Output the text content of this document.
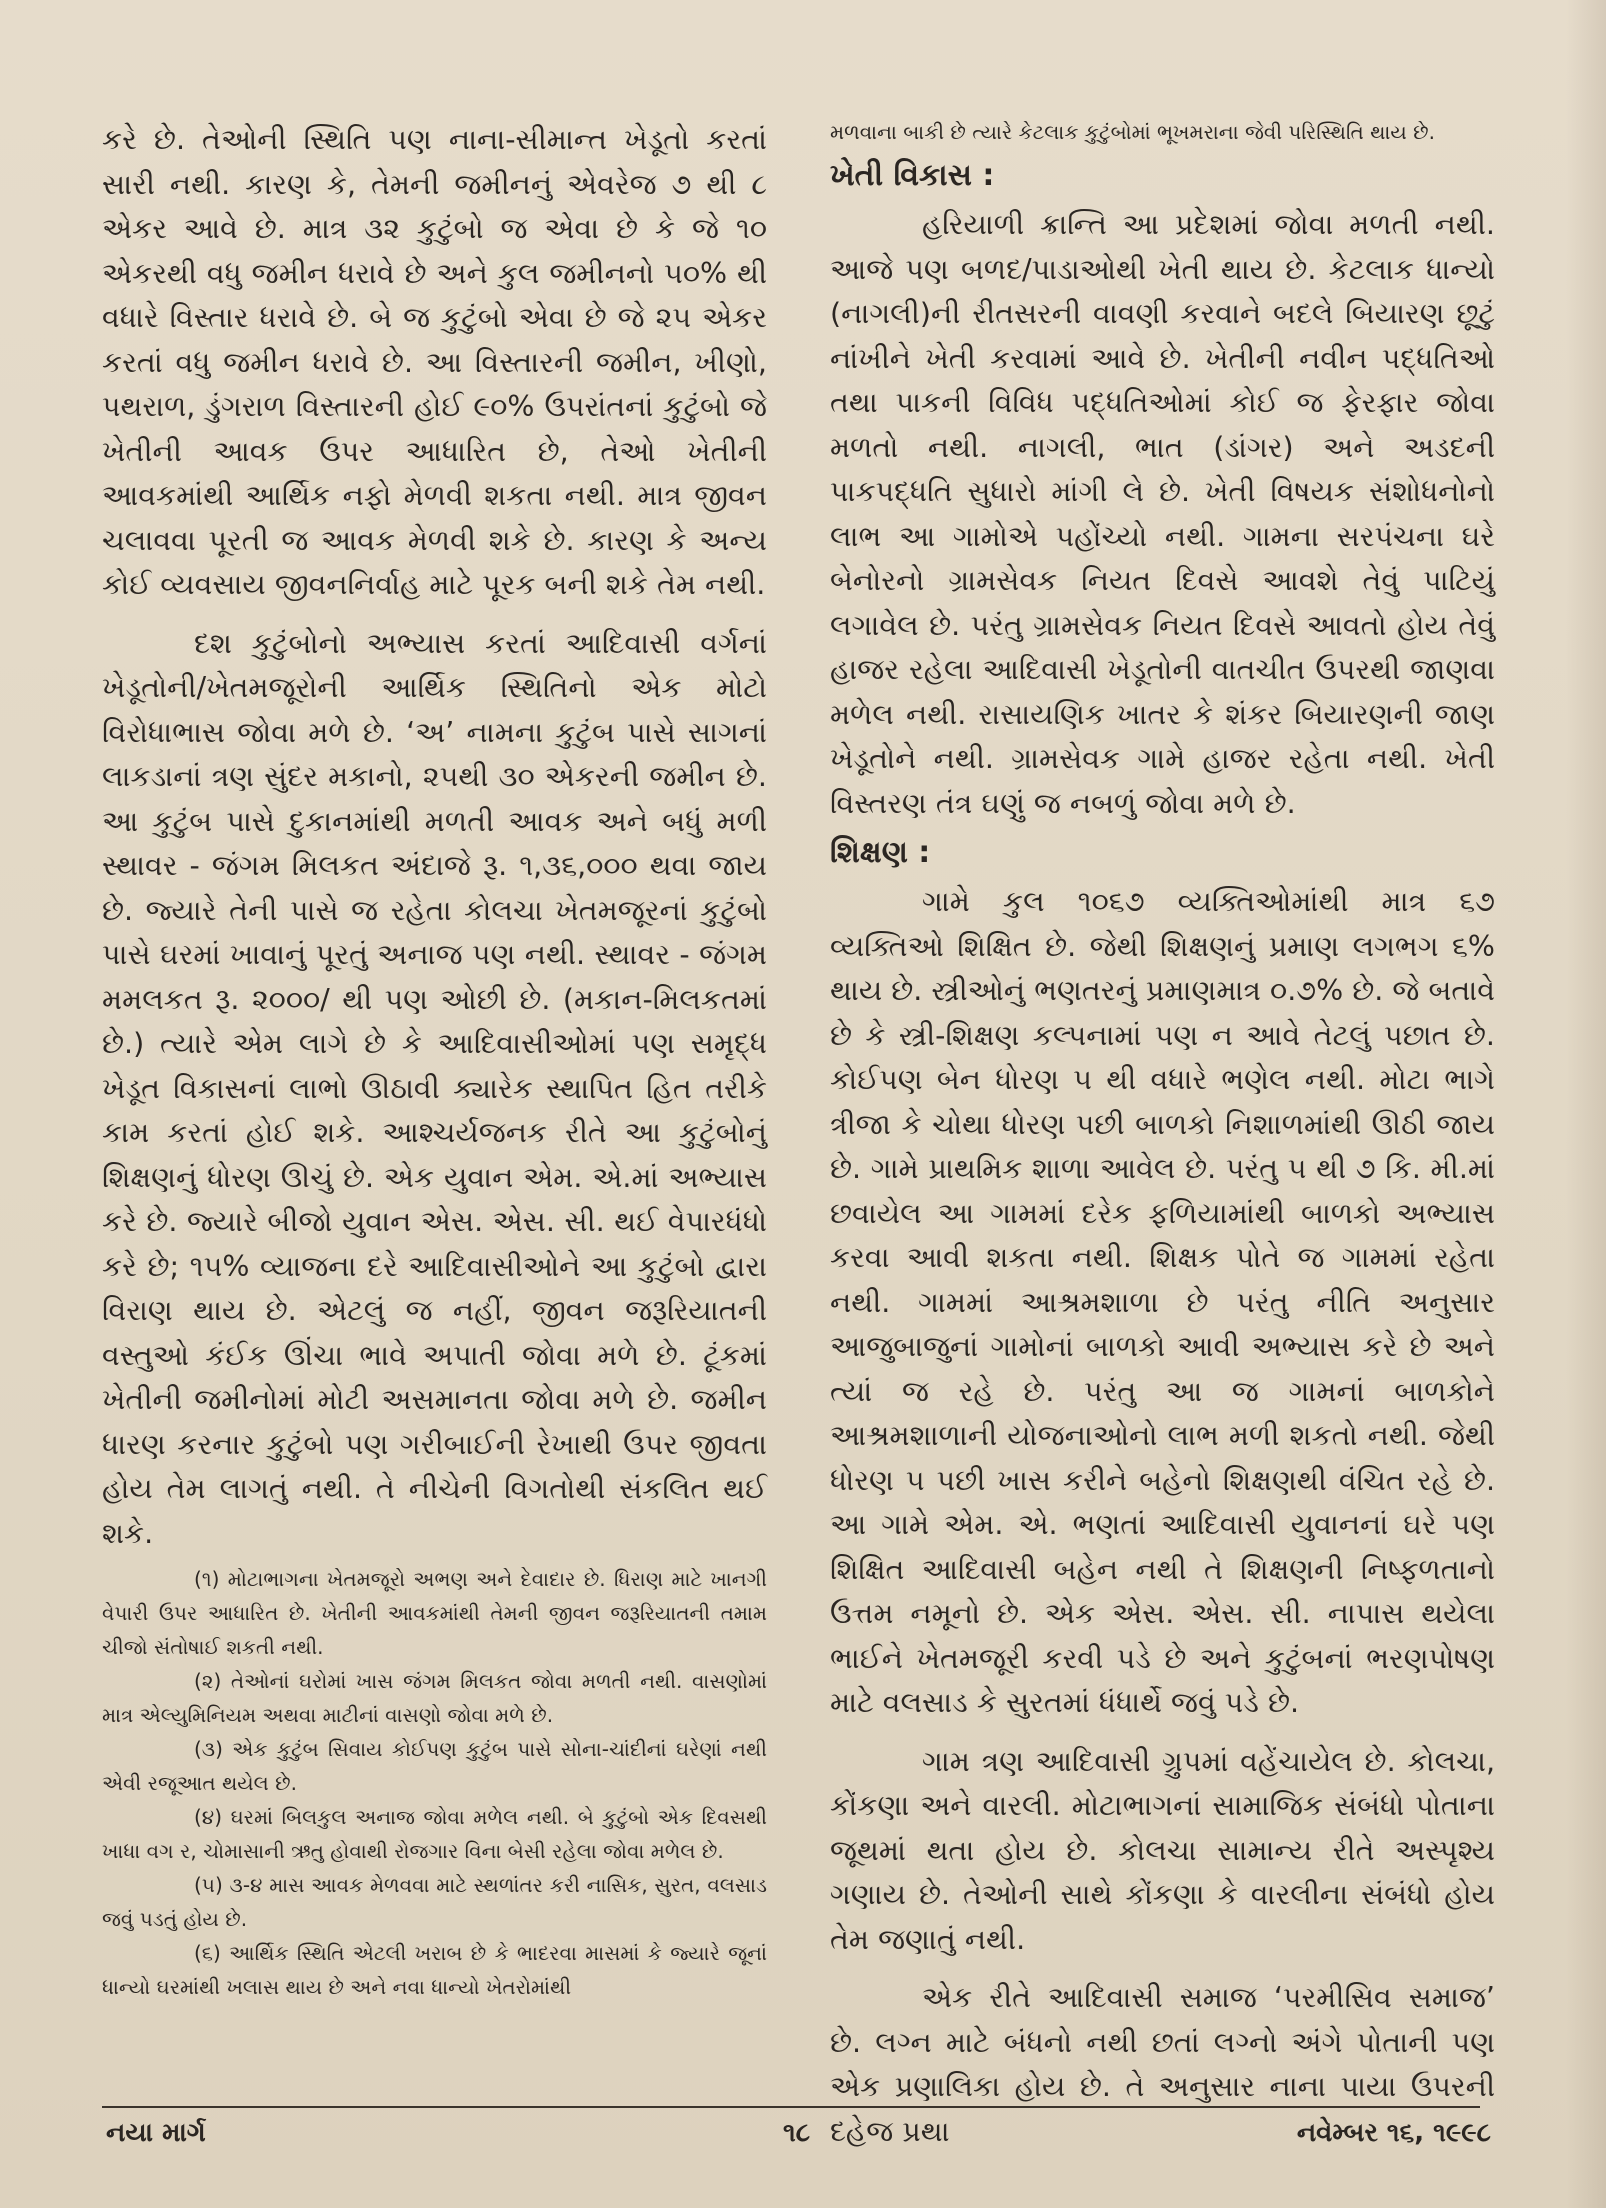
કરે છે. તેઓની સ્થિતિ પણ નાના-સીમાન્ત ખેડૂતો કરતાં સારી નથી. કારણ કે, તેમની જમીનનું એવરેજ ૭ થી ૮ એકર આવે છે. માત્ર ૩૨ કુટુંબો જ એવા છે કે જે ૧૦ એકરથી વધુ જમીન ધરાવે છે અને કુલ જમીનનો ૫૦% થી વધારે વિસ્તાર ધરાવે છે. બે જ કુટુંબો એવા છે જે ૨૫ એકર કરતાં વધુ જમીન ધરાવે છે. આ વિસ્તારની જમીન, ખીણો, પથરાળ, ડુંગરાળ વિસ્તારની હોઈ ૯૦% ઉપરાંતનાં કુટુંબો જે ખેતીની આવક ઉપર આધારિત છે, તેઓ ખેતીની આવકમાંથી આર્થિક નફો મેળવી શકતા નથી. માત્ર જીવન ચલાવવા પૂરતી જ આવક મેળવી શકે છે. કારણ કે અન્ય કોઈ વ્યવસાય જીવનનિર્વાહ માટે પૂરક બની શકે તેમ નથી.

દશ કુટુંબોનો અભ્યાસ કરતાં આદિવાસી વર્ગનાં ખેડૂતોની/ખેતમજૂરોની આર્થિક સ્થિતિનો એક મોટો વિરોધાભાસ જોવા મળે છે. ‘અ’ નામના કુટુંબ પાસે સાગનાં લાકડાનાં ત્રણ સુંદર મકાનો, ૨૫થી ૩૦ એકરની જમીન છે. આ કુટુંબ પાસે દુકાનમાંથી મળતી આવક અને બધું મળી સ્થાવર - જંગમ મિલકત અંદાજે રૂ. ૧,૩૬,૦૦૦ થવા જાય છે. જ્યારે તેની પાસે જ રહેતા કોલચા ખેતમજૂરનાં કુટુંબો પાસે ઘરમાં ખાવાનું પૂરતું અનાજ પણ નથી. સ્થાવર - જંગમ મમલકત રૂ. ૨૦૦૦/ થી પણ ઓછી છે. (મકાન-મિલકતમાં છે.) ત્યારે એમ લાગે છે કે આદિવાસીઓમાં પણ સમૃદ્ધ ખેડૂત વિકાસનાં લાભો ઊઠાવી ક્યારેક સ્થાપિત હિત તરીકે કામ કરતાં હોઈ શકે. આશ્ચર્યજનક રીતે આ કુટુંબોનું શિક્ષણનું ધોરણ ઊચું છે. એક યુવાન એમ. એ.માં અભ્યાસ કરે છે. જ્યારે બીજો યુવાન એસ. એસ. સી. થઈ વેપારધંધો કરે છે; ૧૫% વ્યાજના દરે આદિવાસીઓને આ કુટુંબો દ્વારા વિરાણ થાય છે. એટલું જ નહીં, જીવન જરૂરિયાતની વસ્તુઓ કંઈક ઊંચા ભાવે અપાતી જોવા મળે છે. ટૂંકમાં ખેતીની જમીનોમાં મોટી અસમાનતા જોવા મળે છે. જમીન ધારણ કરનાર કુટુંબો પણ ગરીબાઈની રેખાથી ઉપર જીવતા હોય તેમ લાગતું નથી. તે નીચેની વિગતોથી સંકલિત થઈ શકે.

(૧) મોટાભાગના ખેતમજૂરો અભણ અને દેવાદાર છે. ધિરાણ માટે ખાનગી વેપારી ઉપર આધારિત છે. ખેતીની આવકમાંથી તેમની જીવન જરૂરિયાતની તમામ ચીજો સંતોષાઈ શકતી નથી.

(૨) તેઓનાં ઘરોમાં ખાસ જંગમ મિલકત જોવા મળતી નથી. વાસણોમાં માત્ર એલ્યુમિનિયમ અથવા માટીનાં વાસણો જોવા મળે છે.

(૩) એક કુટુંબ સિવાય કોઈપણ કુટુંબ પાસે સોના-ચાંદીનાં ઘરેણાં નથી એવી રજૂઆત થયેલ છે.

(૪) ઘરમાં બિલકુલ અનાજ જોવા મળેલ નથી. બે કુટુંબો એક દિવસથી ખાધા વગ ર, ચોમાસાની ઋતુ હોવાથી રોજગાર વિના બેસી રહેલા જોવા મળેલ છે.

(૫) ૩-૪ માસ આવક મેળવવા માટે સ્થળાંતર કરી નાસિક, સુરત, વલસાડ જવું પડતું હોય છે.

(૬) આર્થિક સ્થિતિ એટલી ખરાબ છે કે ભાદરવા માસમાં કે જ્યારે જૂનાં ધાન્યો ઘરમાંથી ખલાસ થાય છે અને નવા ધાન્યો ખેતરોમાંથી

મળવાના બાકી છે ત્યારે કેટલાક કુટુંબોમાં ભૂખમરાના જેવી પરિસ્થિતિ થાય છે.

ખેતી વિકાસ :

હરિયાળી ક્રાન્તિ આ પ્રદેશમાં જોવા મળતી નથી. આજે પણ બળદ/પાડાઓથી ખેતી થાય છે. કેટલાક ધાન્યો (નાગલી)ની રીતસરની વાવણી કરવાને બદલે બિયારણ છૂટું નાંખીને ખેતી કરવામાં આવે છે. ખેતીની નવીન પદ્ધતિઓ તથા પાકની વિવિધ પદ્ધતિઓમાં કોઈ જ ફેરફાર જોવા મળતો નથી. નાગલી, ભાત (ડાંગર) અને અડદની પાકપદ્ધતિ સુધારો માંગી લે છે. ખેતી વિષયક સંશોધનોનો લાભ આ ગામોએ પહોંચ્યો નથી. ગામના સરપંચના ઘરે બેનોરનો ગ્રામસેવક નિયત દિવસે આવશે તેવું પાટિયું લગાવેલ છે. પરંતુ ગ્રામસેવક નિયત દિવસે આવતો હોય તેવું હાજર રહેલા આદિવાસી ખેડૂતોની વાતચીત ઉપરથી જાણવા મળેલ નથી. રાસાયણિક ખાતર કે શંકર બિયારણની જાણ ખેડૂતોને નથી. ગ્રામસેવક ગામે હાજર રહેતા નથી. ખેતી વિસ્તરણ તંત્ર ઘણું જ નબળું જોવા મળે છે.

શિક્ષણ :

ગામે કુલ ૧૦૬૭ વ્યક્તિઓમાંથી માત્ર ૬૭ વ્યક્તિઓ શિક્ષિત છે. જેથી શિક્ષણનું પ્રમાણ લગભગ ૬% થાય છે. સ્ત્રીઓનું ભણતરનું પ્રમાણમાત્ર ૦.૭% છે. જે બતાવે છે કે સ્ત્રી-શિક્ષણ કલ્પનામાં પણ ન આવે તેટલું પછાત છે. કોઈપણ બેન ધોરણ ૫ થી વધારે ભણેલ નથી. મોટા ભાગે ત્રીજા કે ચોથા ધોરણ પછી બાળકો નિશાળમાંથી ઊઠી જાય છે. ગામે પ્રાથમિક શાળા આવેલ છે. પરંતુ ૫ થી ૭ કિ. મી.માં છવાયેલ આ ગામમાં દરેક ફળિયામાંથી બાળકો અભ્યાસ કરવા આવી શકતા નથી. શિક્ષક પોતે જ ગામમાં રહેતા નથી. ગામમાં આશ્રમશાળા છે પરંતુ નીતિ અનુસાર આજુબાજુનાં ગામોનાં બાળકો આવી અભ્યાસ કરે છે અને ત્યાં જ રહે છે. પરંતુ આ જ ગામનાં બાળકોને આશ્રમશાળાની યોજનાઓનો લાભ મળી શકતો નથી. જેથી ધોરણ ૫ પછી ખાસ કરીને બહેનો શિક્ષણથી વંચિત રહે છે. આ ગામે એમ. એ. ભણતાં આદિવાસી યુવાનનાં ઘરે પણ શિક્ષિત આદિવાસી બહેન નથી તે શિક્ષણની નિષ્ફળતાનો ઉત્તમ નમૂનો છે. એક એસ. એસ. સી. નાપાસ થયેલા ભાઈને ખેતમજૂરી કરવી પડે છે અને કુટુંબનાં ભરણપોષણ માટે વલસાડ કે સુરતમાં ધંધાર્થે જવું પડે છે.

ગામ ત્રણ આદિવાસી ગ્રુપમાં વહેંચાયેલ છે. કોલચા, કોંકણા અને વારલી. મોટાભાગનાં સામાજિક સંબંધો પોતાના જૂથમાં થતા હોય છે. કોલચા સામાન્ય રીતે અસ્પૃશ્ય ગણાય છે. તેઓની સાથે કોંકણા કે વારલીના સંબંધો હોય તેમ જણાતું નથી.

એક રીતે આદિવાસી સમાજ ‘પરમીસિવ સમાજ’ છે. લગ્ન માટે બંધનો નથી છતાં લગ્નો અંગે પોતાની પણ એક પ્રણાલિકા હોય છે. તે અનુસાર નાના પાયા ઉપરની દહેજ પ્રથા

નયા માર્ગ	૧૮	નવેમ્બર ૧૬, ૧૯૯૮
